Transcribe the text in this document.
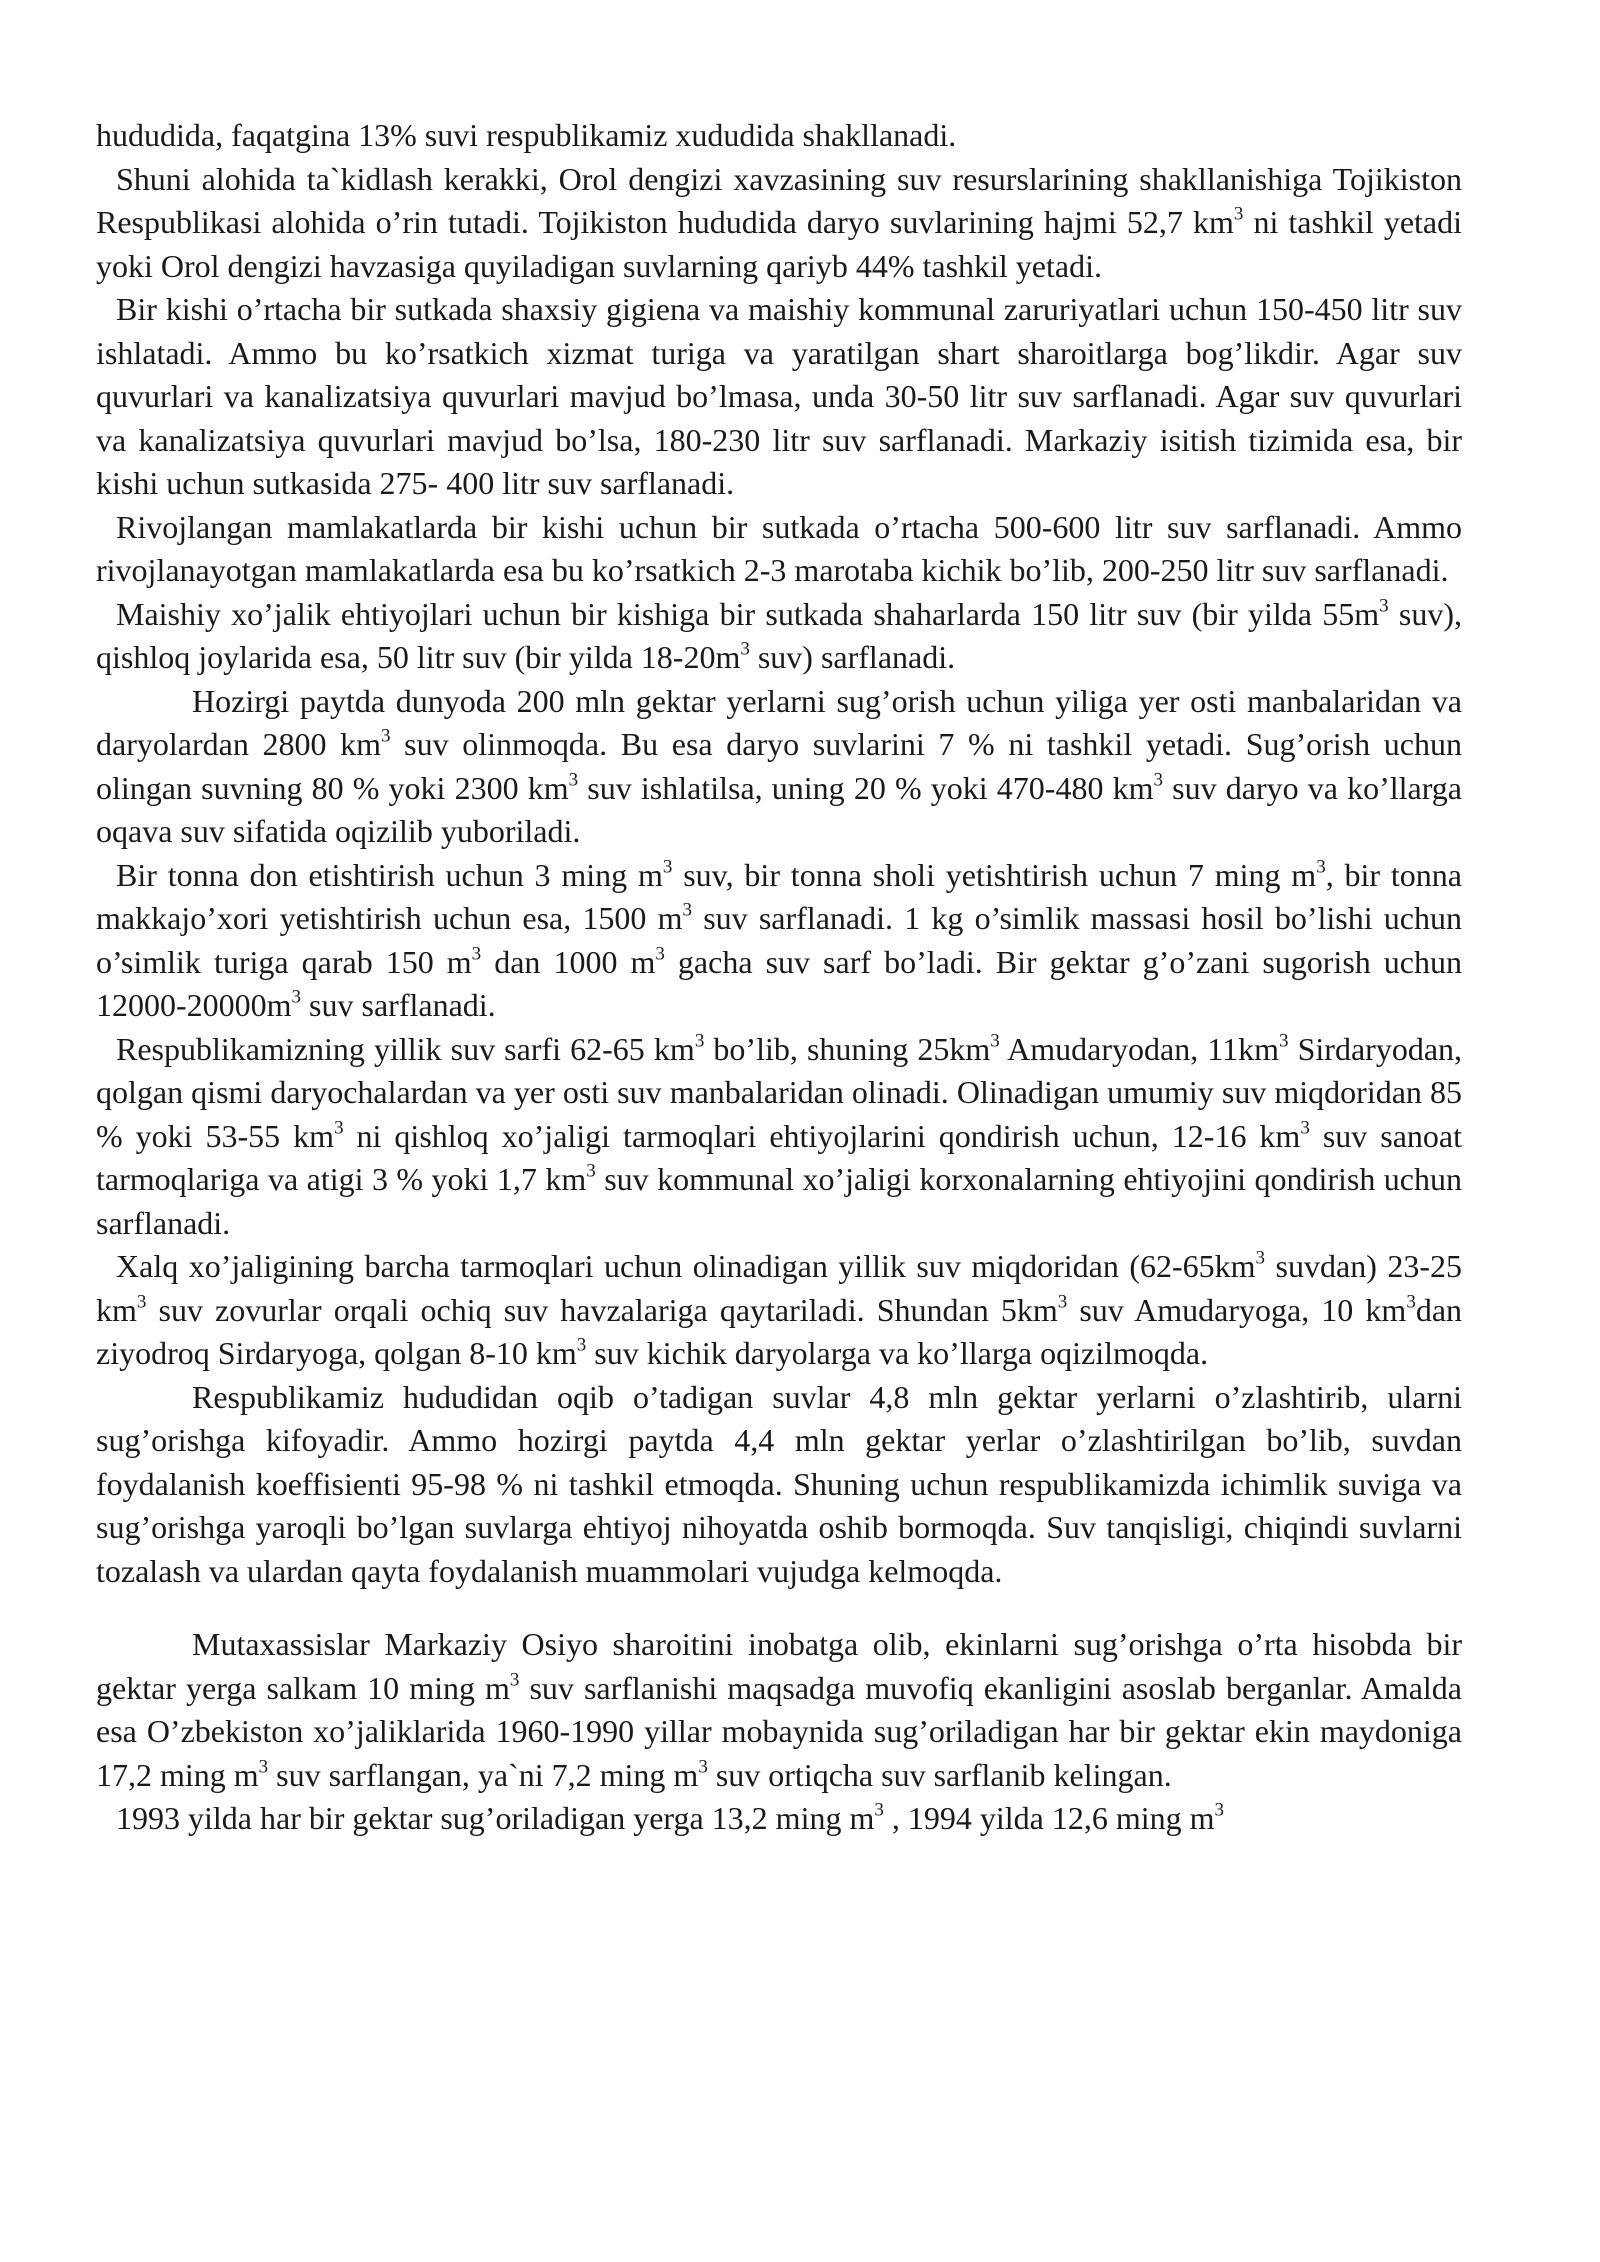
hududida, faqatgina 13% suvi respublikamiz xududida shakllanadi.

Shuni alohida ta`kidlash kerakki, Orol dengizi xavzasining suv resurslarining shakllanishiga Tojikiston Respublikasi alohida o’rin tutadi. Tojikiston hududida daryo suvlarining hajmi 52,7 $km^3$ ni tashkil yetadi yoki Orol dengizi havzasiga quyiladigan suvlarning qariyb 44% tashkil yetadi.

Bir kishi o’rtacha bir sutkada shaxsiy gigiena va maishiy kommunal zaruriyatlari uchun 150-450 litr suv ishlatadi. Ammo bu ko’rsatkich xizmat turiga va yaratilgan shart sharoitlarga bog’likdir. Agar suv quvurlari va kanalizatsiya quvurlari mavjud bo’lmasa, unda 30-50 litr suv sarflanadi. Agar suv quvurlari va kanalizatsiya quvurlari mavjud bo’lsa, 180-230 litr suv sarflanadi. Markaziy isitish tizimida esa, bir kishi uchun sutkasida 275- 400 litr suv sarflanadi.

Rivojlangan mamlakatlarda bir kishi uchun bir sutkada o’rtacha 500-600 litr suv sarflanadi. Ammo rivojlanayotgan mamlakatlarda esa bu ko’rsatkich 2-3 marotaba kichik bo’lib, 200-250 litr suv sarflanadi.

Maishiy xo’jalik ehtiyojlari uchun bir kishiga bir sutkada shaharlarda 150 litr suv (bir yilda $55m^3$ suv), qishloq joylarida esa, 50 litr suv (bir yilda $18-20m^3$ suv) sarflanadi.

Hozirgi paytda dunyoda 200 mln gektar yerlarni sug’orish uchun yiliga yer osti manbalaridan va daryolardan 2800 $km^3$ suv olinmoqda. Bu esa daryo suvlarini 7 % ni tashkil yetadi. Sug’orish uchun olingan suvning 80 % yoki 2300 $km^3$ suv ishlatilsa, uning 20 % yoki 470-480 $km^3$ suv daryo va ko’llarga oqava suv sifatida oqizilib yuboriladi.

Bir tonna don etishtirish uchun 3 ming $m^3$ suv, bir tonna sholi yetishtirish uchun 7 ming $m^3$, bir tonna makkajo’xori yetishtirish uchun esa, 1500 $m^3$ suv sarflanadi. 1 kg o’simlik massasi hosil bo’lishi uchun o’simlik turiga qarab 150 $m^3$ dan 1000 $m^3$ gacha suv sarf bo’ladi. Bir gektar g’o’zani sugorish uchun $12000-20000m^3$ suv sarflanadi.

Respublikamizning yillik suv sarfi 62-65 $km^3$ bo’lib, shuning $25km^3$ Amudaryodan, $11km^3$ Sirdaryodan, qolgan qismi daryochalardan va yer osti suv manbalaridan olinadi. Olinadigan umumiy suv miqdoridan 85 % yoki 53-55 $km^3$ ni qishloq xo’jaligi tarmoqlari ehtiyojlarini qondirish uchun, 12-16 $km^3$ suv sanoat tarmoqlariga va atigi 3 % yoki 1,7 $km^3$ suv kommunal xo’jaligi korxonalarning ehtiyojini qondirish uchun sarflanadi.

Xalq xo’jaligining barcha tarmoqlari uchun olinadigan yillik suv miqdoridan ($62-65km^3$ suvdan) 23-25 $km^3$ suv zovurlar orqali ochiq suv havzalariga qaytariladi. Shundan $5km^3$ suv Amudaryoga, 10 $km^3dan$ ziyodroq Sirdaryoga, qolgan 8-10 $km^3$ suv kichik daryolarga va ko’llarga oqizilmoqda.

Respublikamiz hududidan oqib o’tadigan suvlar 4,8 mln gektar yerlarni o’zlashtirib, ularni sug’orishga kifoyadir. Ammo hozirgi paytda 4,4 mln gektar yerlar o’zlashtirilgan bo’lib, suvdan foydalanish koeffisienti 95-98 % ni tashkil etmoqda. Shuning uchun respublikamizda ichimlik suviga va sug’orishga yaroqli bo’lgan suvlarga ehtiyoj nihoyatda oshib bormoqda. Suv tanqisligi, chiqindi suvlarni tozalash va ulardan qayta foydalanish muammolari vujudga kelmoqda.

Mutaxassislar Markaziy Osiyo sharoitini inobatga olib, ekinlarni sug’orishga o’rta hisobda bir gektar yerga salkam 10 ming $m^3$ suv sarflanishi maqsadga muvofiq ekanligini asoslab berganlar. Amalda esa O’zbekiston xo’jaliklarida 1960-1990 yillar mobaynida sug’oriladigan har bir gektar ekin maydoniga 17,2 ming $m^3$ suv sarflangan, ya`ni 7,2 ming $m^3$ suv ortiqcha suv sarflanib kelingan.

1993 yilda har bir gektar sug’oriladigan yerga 13,2 ming $m^3$ , 1994 yilda 12,6 ming $m^3$
